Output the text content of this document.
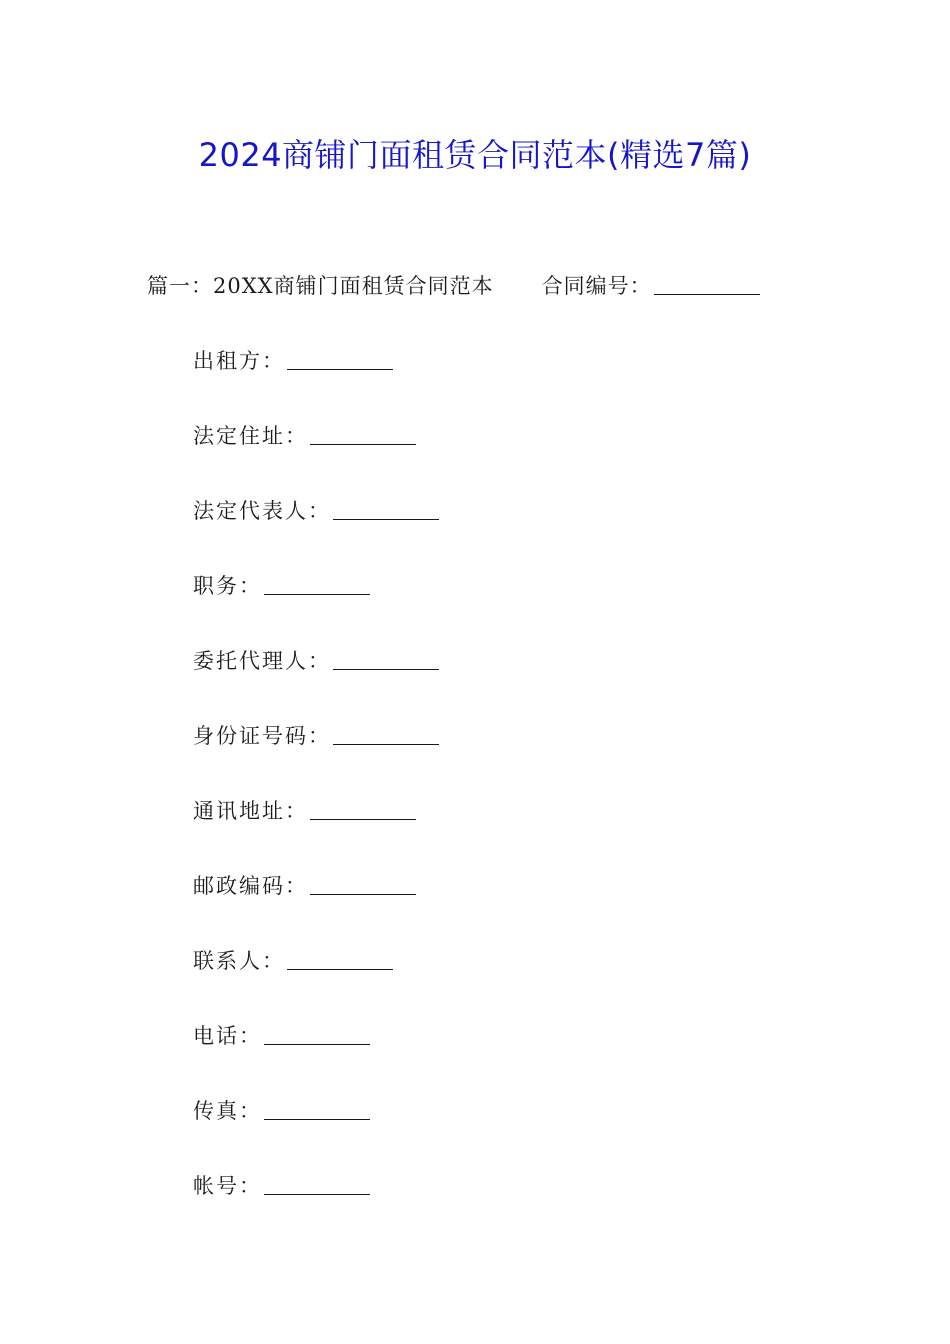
2024商铺门面租赁合同范本(精选7篇)

篇一：20XX商铺门面租赁合同范本 合同编号：

出租方：
法定住址：
法定代表人：
职务：
委托代理人：
身份证号码：
通讯地址：
邮政编码：
联系人：
电话：
传真：
帐号：
